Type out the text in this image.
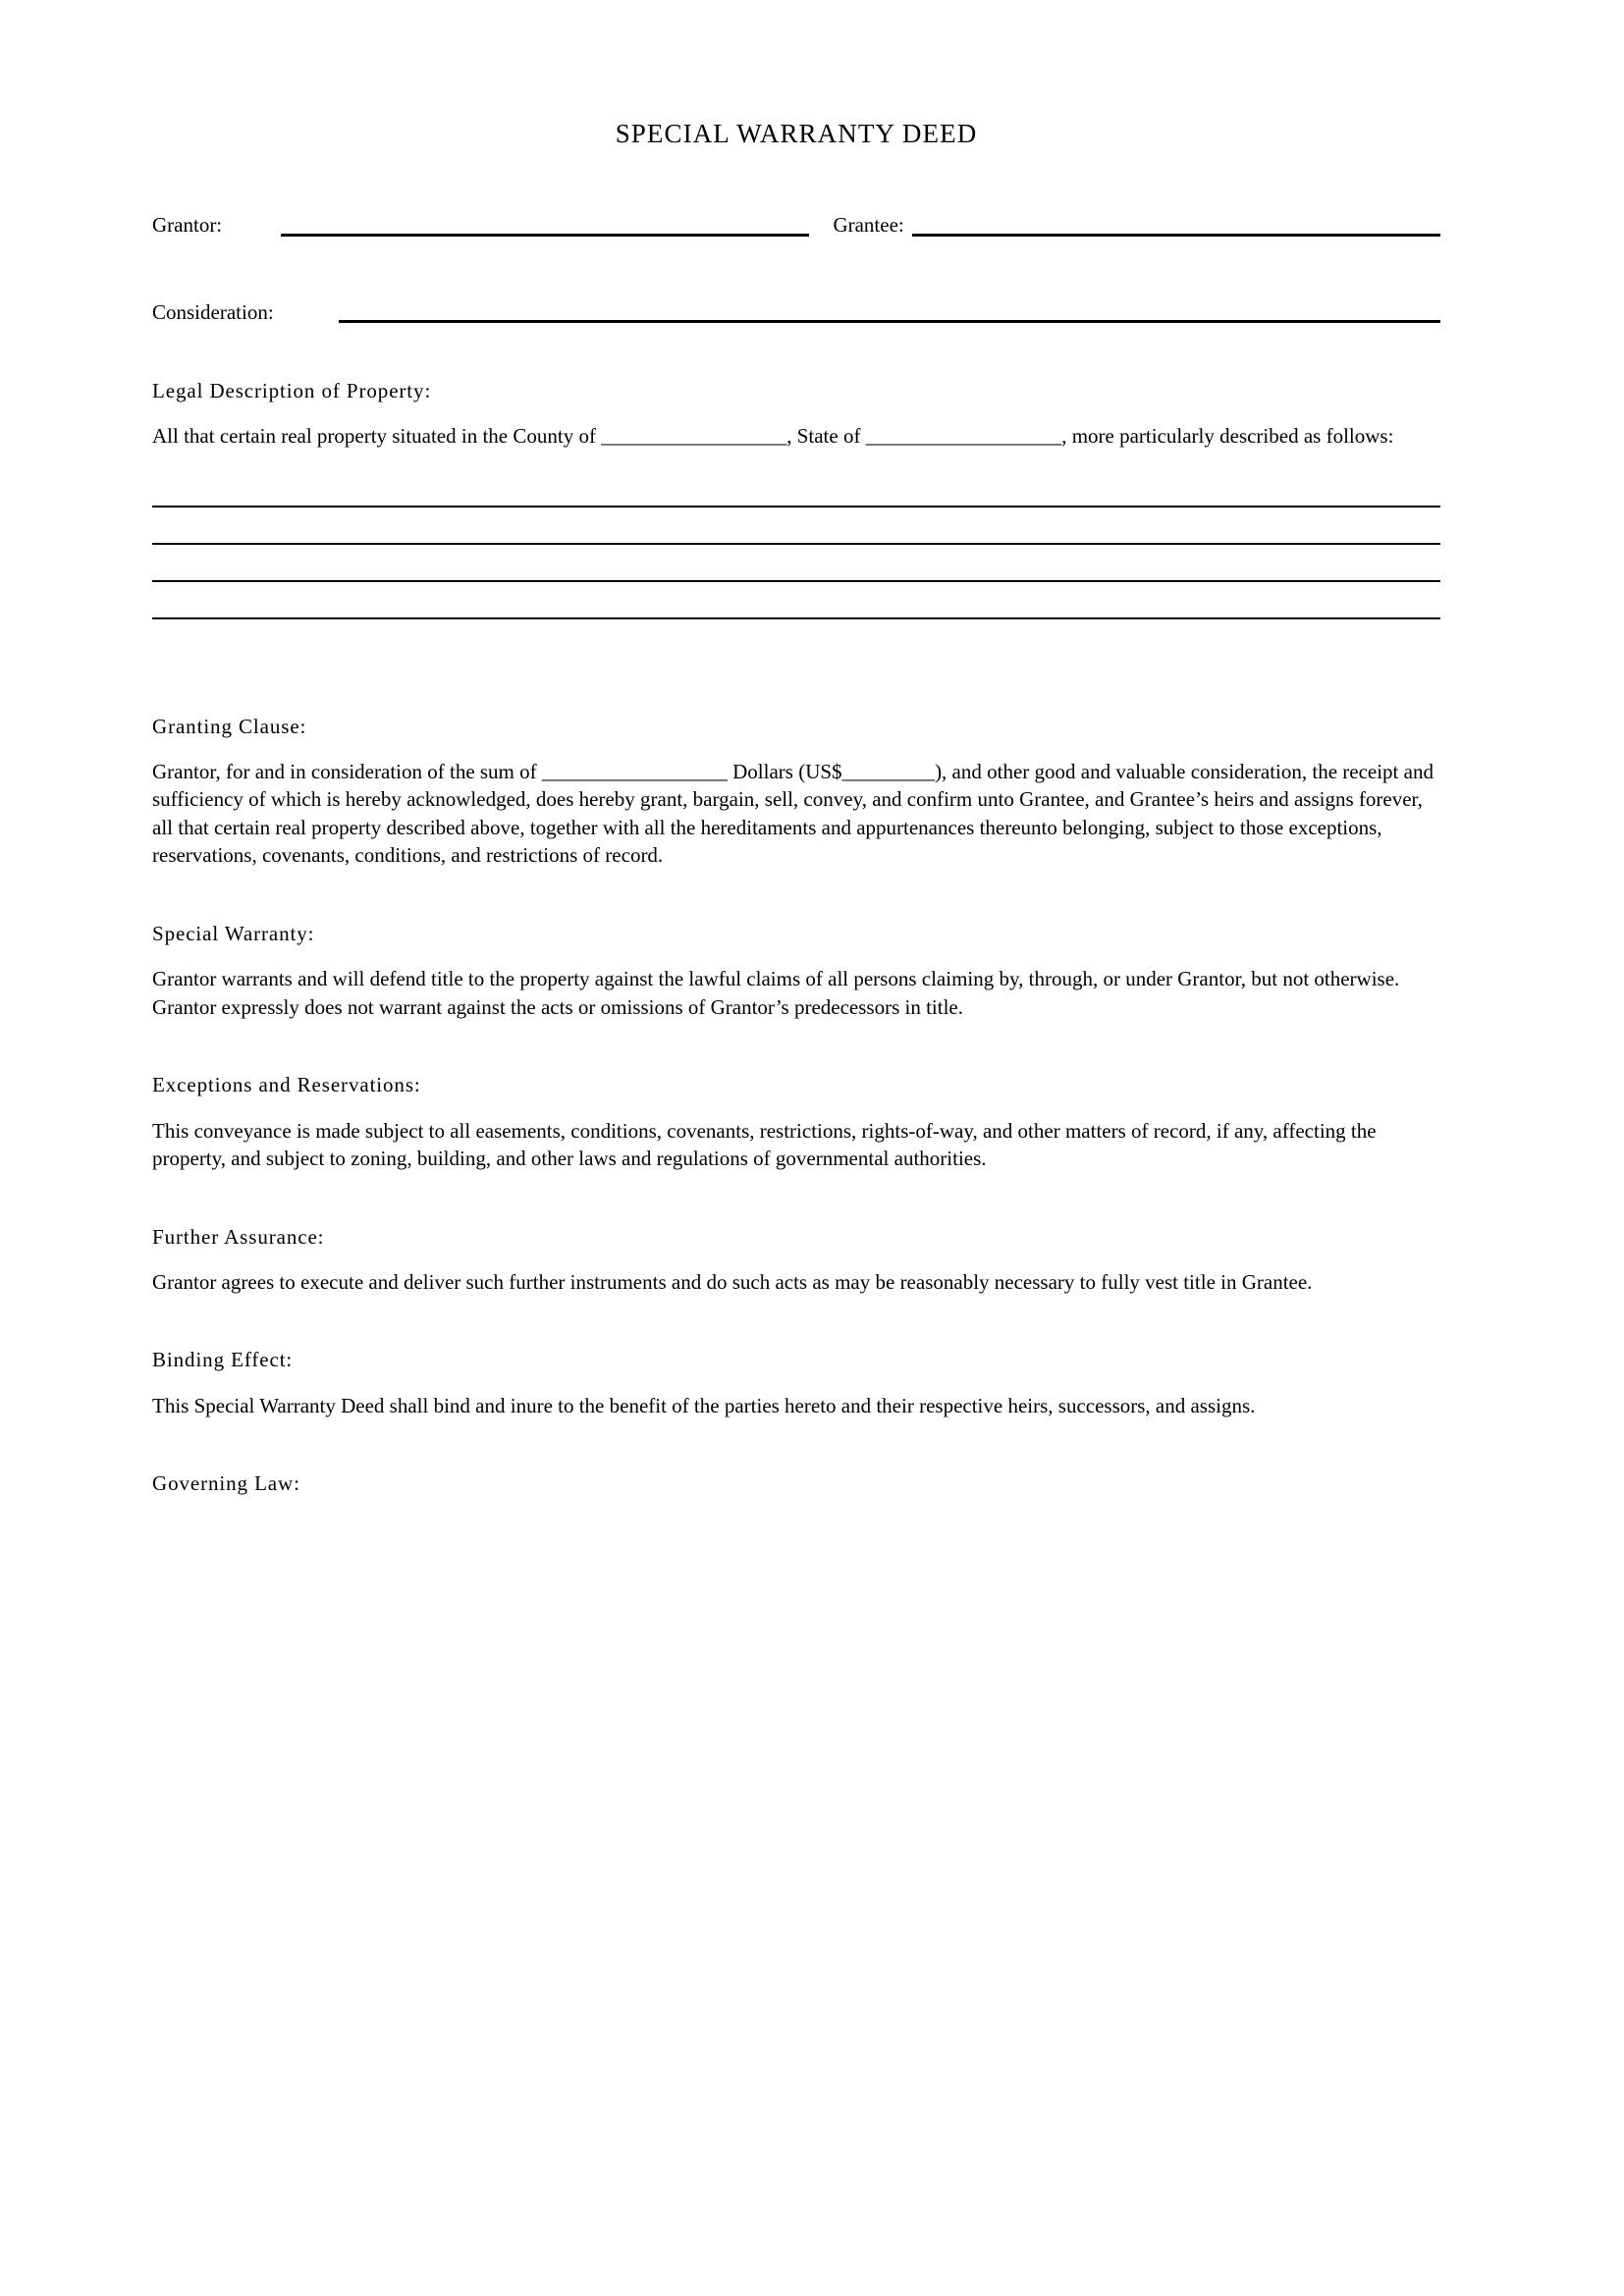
SPECIAL WARRANTY DEED
Grantor:	Grantee:
Consideration:
Legal Description of Property:

All that certain real property situated in the County of __________________, State of ___________________, more particularly described as follows:

Granting Clause:

Grantor, for and in consideration of the sum of __________________ Dollars (US$_________), and other good and valuable consideration, the receipt and sufficiency of which is hereby acknowledged, does hereby grant, bargain, sell, convey, and confirm unto Grantee, and Grantee’s heirs and assigns forever, all that certain real property described above, together with all the hereditaments and appurtenances thereunto belonging, subject to those exceptions, reservations, covenants, conditions, and restrictions of record.

Special Warranty:

Grantor warrants and will defend title to the property against the lawful claims of all persons claiming by, through, or under Grantor, but not otherwise. Grantor expressly does not warrant against the acts or omissions of Grantor’s predecessors in title.

Exceptions and Reservations:

This conveyance is made subject to all easements, conditions, covenants, restrictions, rights-of-way, and other matters of record, if any, affecting the property, and subject to zoning, building, and other laws and regulations of governmental authorities.

Further Assurance:

Grantor agrees to execute and deliver such further instruments and do such acts as may be reasonably necessary to fully vest title in Grantee.

Binding Effect:

This Special Warranty Deed shall bind and inure to the benefit of the parties hereto and their respective heirs, successors, and assigns.

Governing Law:
